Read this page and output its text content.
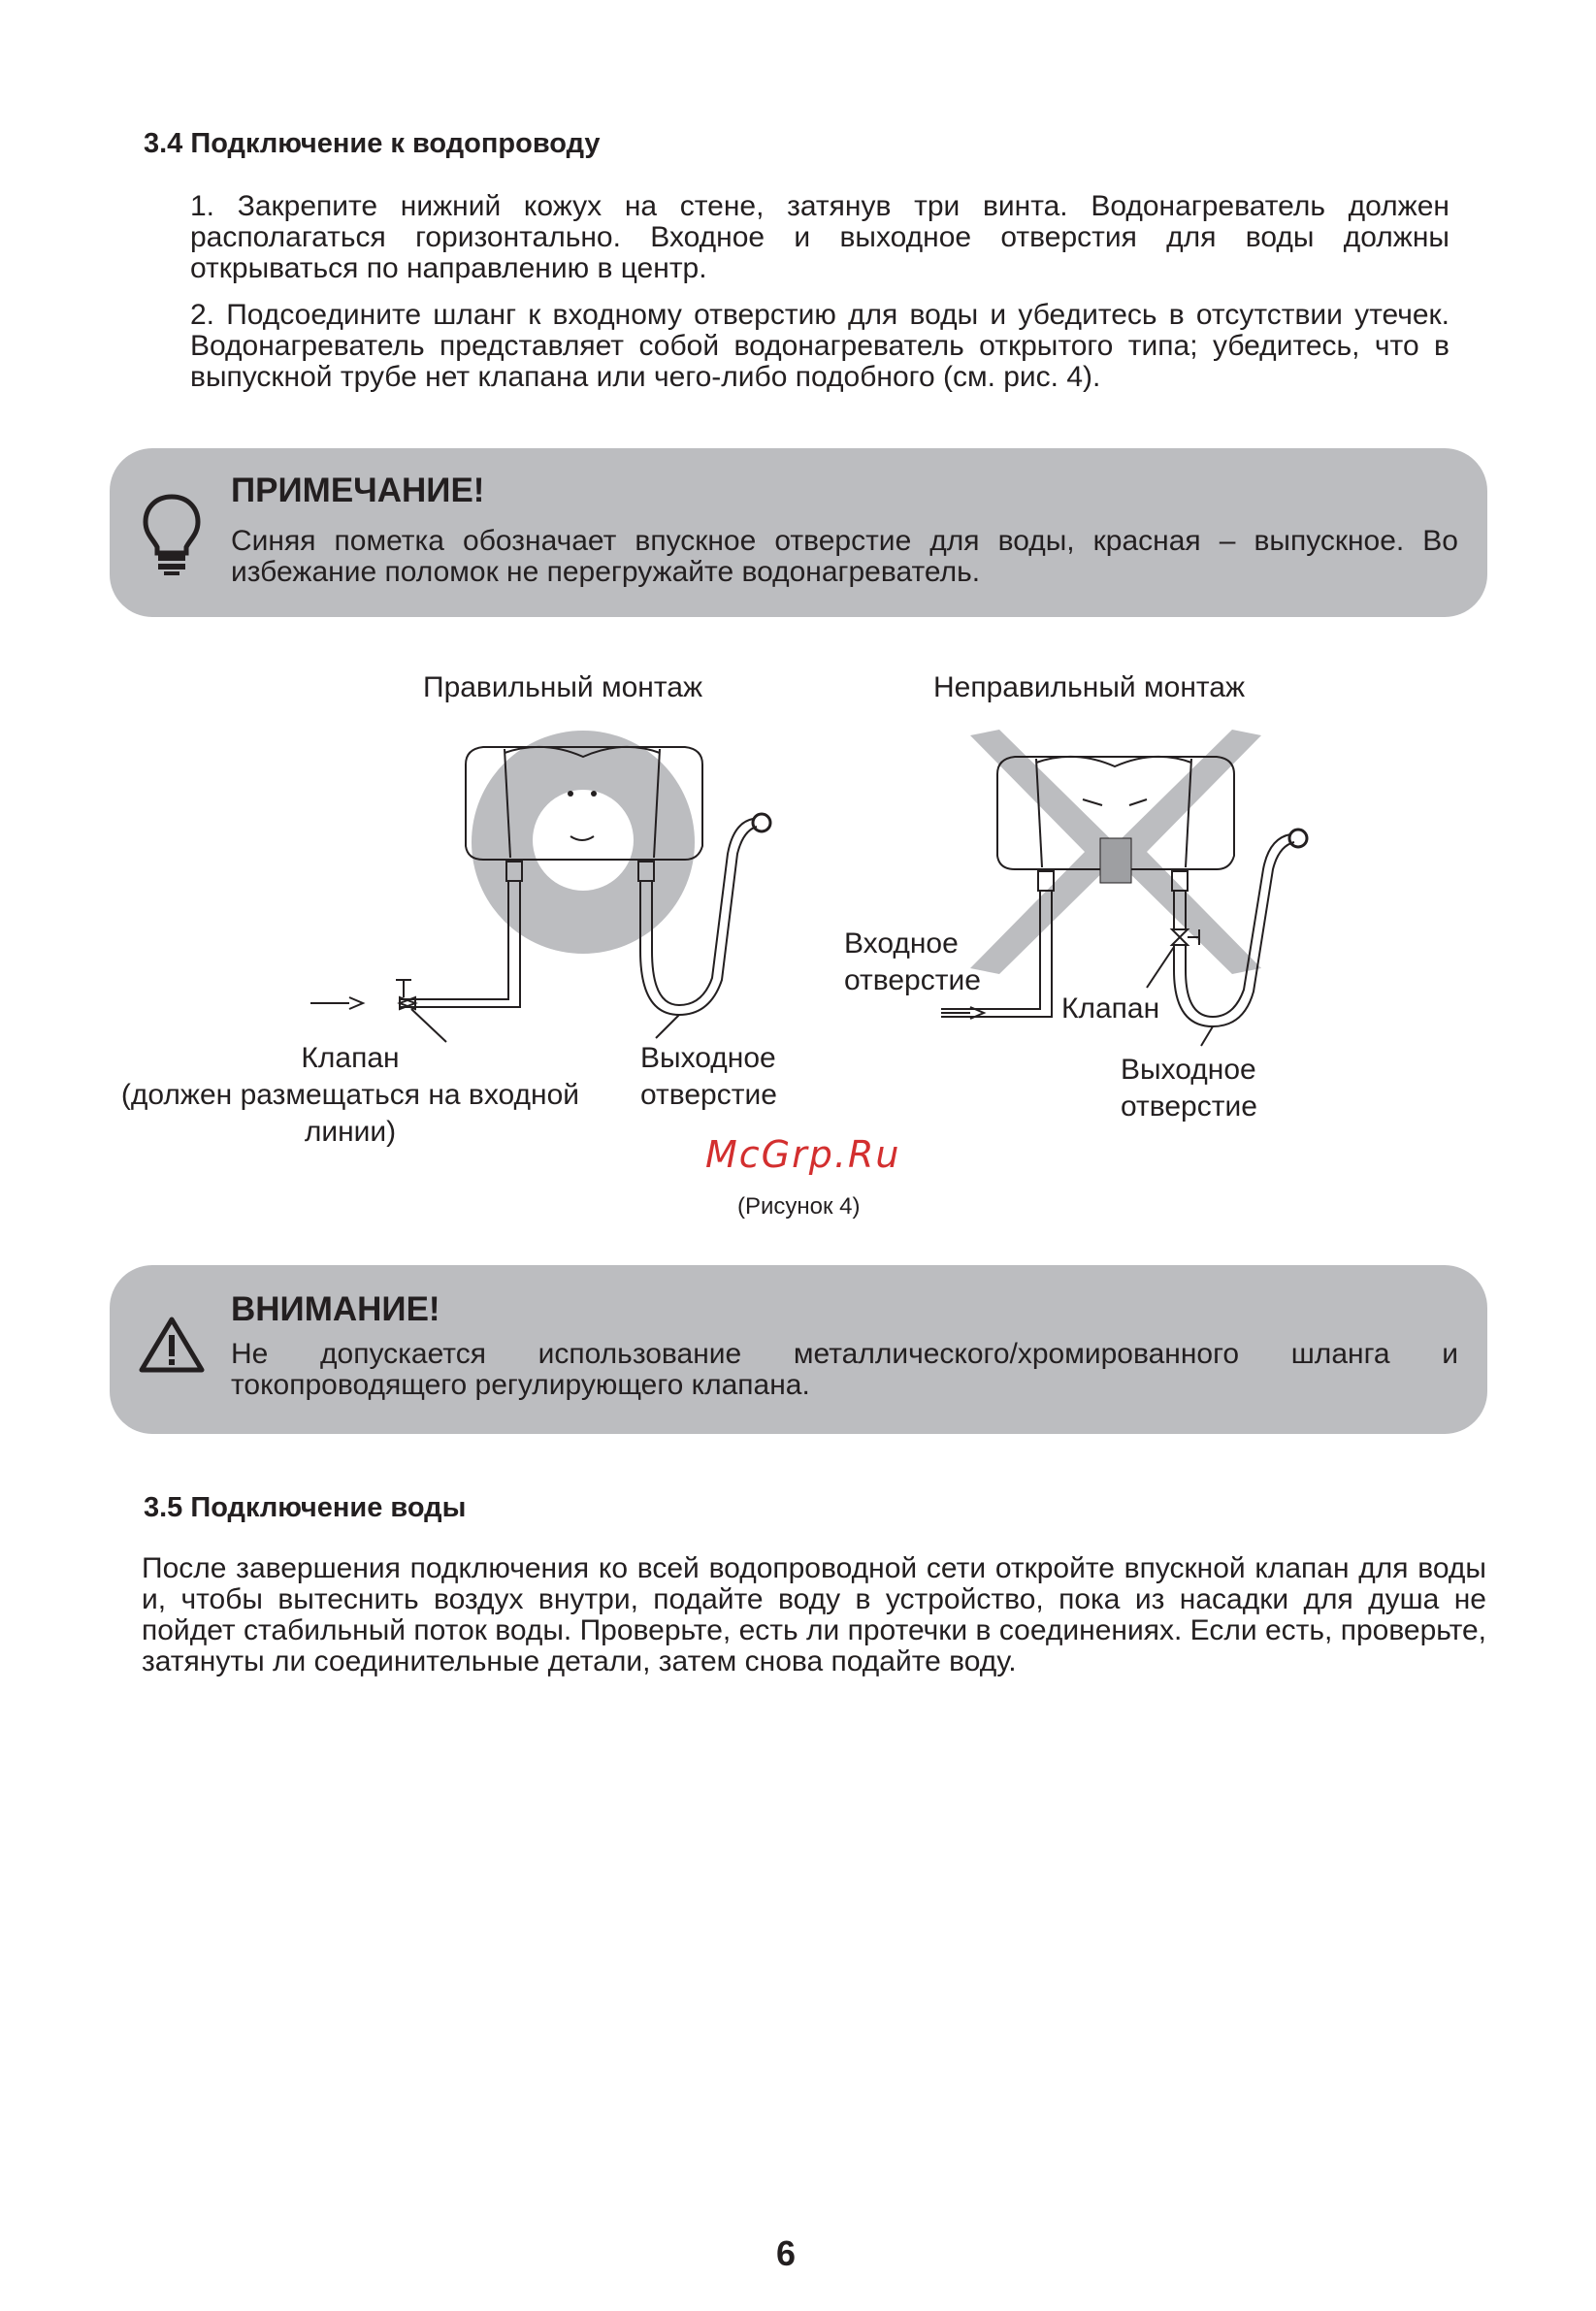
3.4 Подключение к водопроводу

1. Закрепите нижний кожух на стене, затянув три винта. Водонагреватель должен располагаться горизонтально. Входное и выходное отверстия для воды должны открываться по направлению в центр.

2. Подсоедините шланг к входному отверстию для воды и убедитесь в отсутствии утечек. Водонагреватель представляет собой водонагреватель открытого типа; убедитесь, что в выпускной трубе нет клапана или чего-либо подобного (см. рис. 4).

ПРИМЕЧАНИЕ!

Синяя пометка обозначает впускное отверстие для воды, красная – выпускное. Во избежание поломок не перегружайте водонагреватель.

Правильный монтаж	Неправильный монтаж
Клапан
(должен размещаться на входной
линии)
Выходное
отверстие
Входное
отверстие
Клапан
Выходное
отверстие
McGrp.Ru
(Рисунок 4)
ВНИМАНИЕ!

Не допускается использование металлического/хромированного шланга и токопроводящего регулирующего клапана.

3.5 Подключение воды

После завершения подключения ко всей водопроводной сети откройте впускной клапан для воды и, чтобы вытеснить воздух внутри, подайте воду в устройство, пока из насадки для душа не пойдет стабильный поток воды. Проверьте, есть ли протечки в соединениях. Если есть, проверьте, затянуты ли соединительные детали, затем снова подайте воду.

6
